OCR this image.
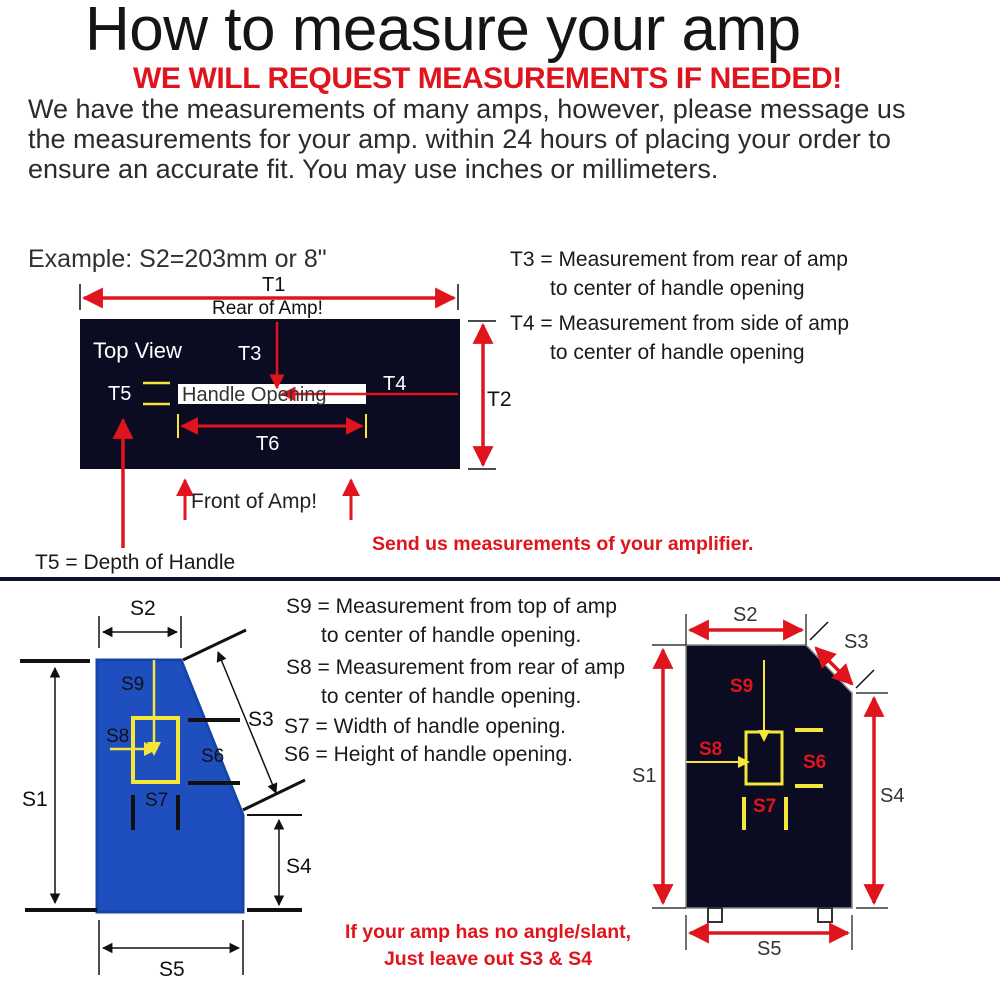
How to measure your amp
WE WILL REQUEST MEASUREMENTS IF NEEDED!
We have the measurements of many amps, however, please message us the measurements for your amp. within 24 hours of placing your order to ensure an accurate fit. You may use inches or millimeters.
Example: S2=203mm or 8"	T3 = Measurement from rear of amp
to center of handle opening
T4 = Measurement from side of amp
to center of handle opening
T5 = Depth of Handle
Send us measurements of your amplifier.
T1
Rear of Amp!
Top View	T3
T5	Handle Opening	T4
T2
T6
Front of Amp!
S2
S9
S8
S6
S7
S1
S3
S4
S5
S2
S3
S1
S4
S5
S9
S8
S6
S7
S9 = Measurement from top of amp
to center of handle opening.
S8 = Measurement from rear of amp
to center of handle opening.
S7 = Width of handle opening.
S6 = Height of handle opening.
If your amp has no angle/slant,
Just leave out S3 & S4
